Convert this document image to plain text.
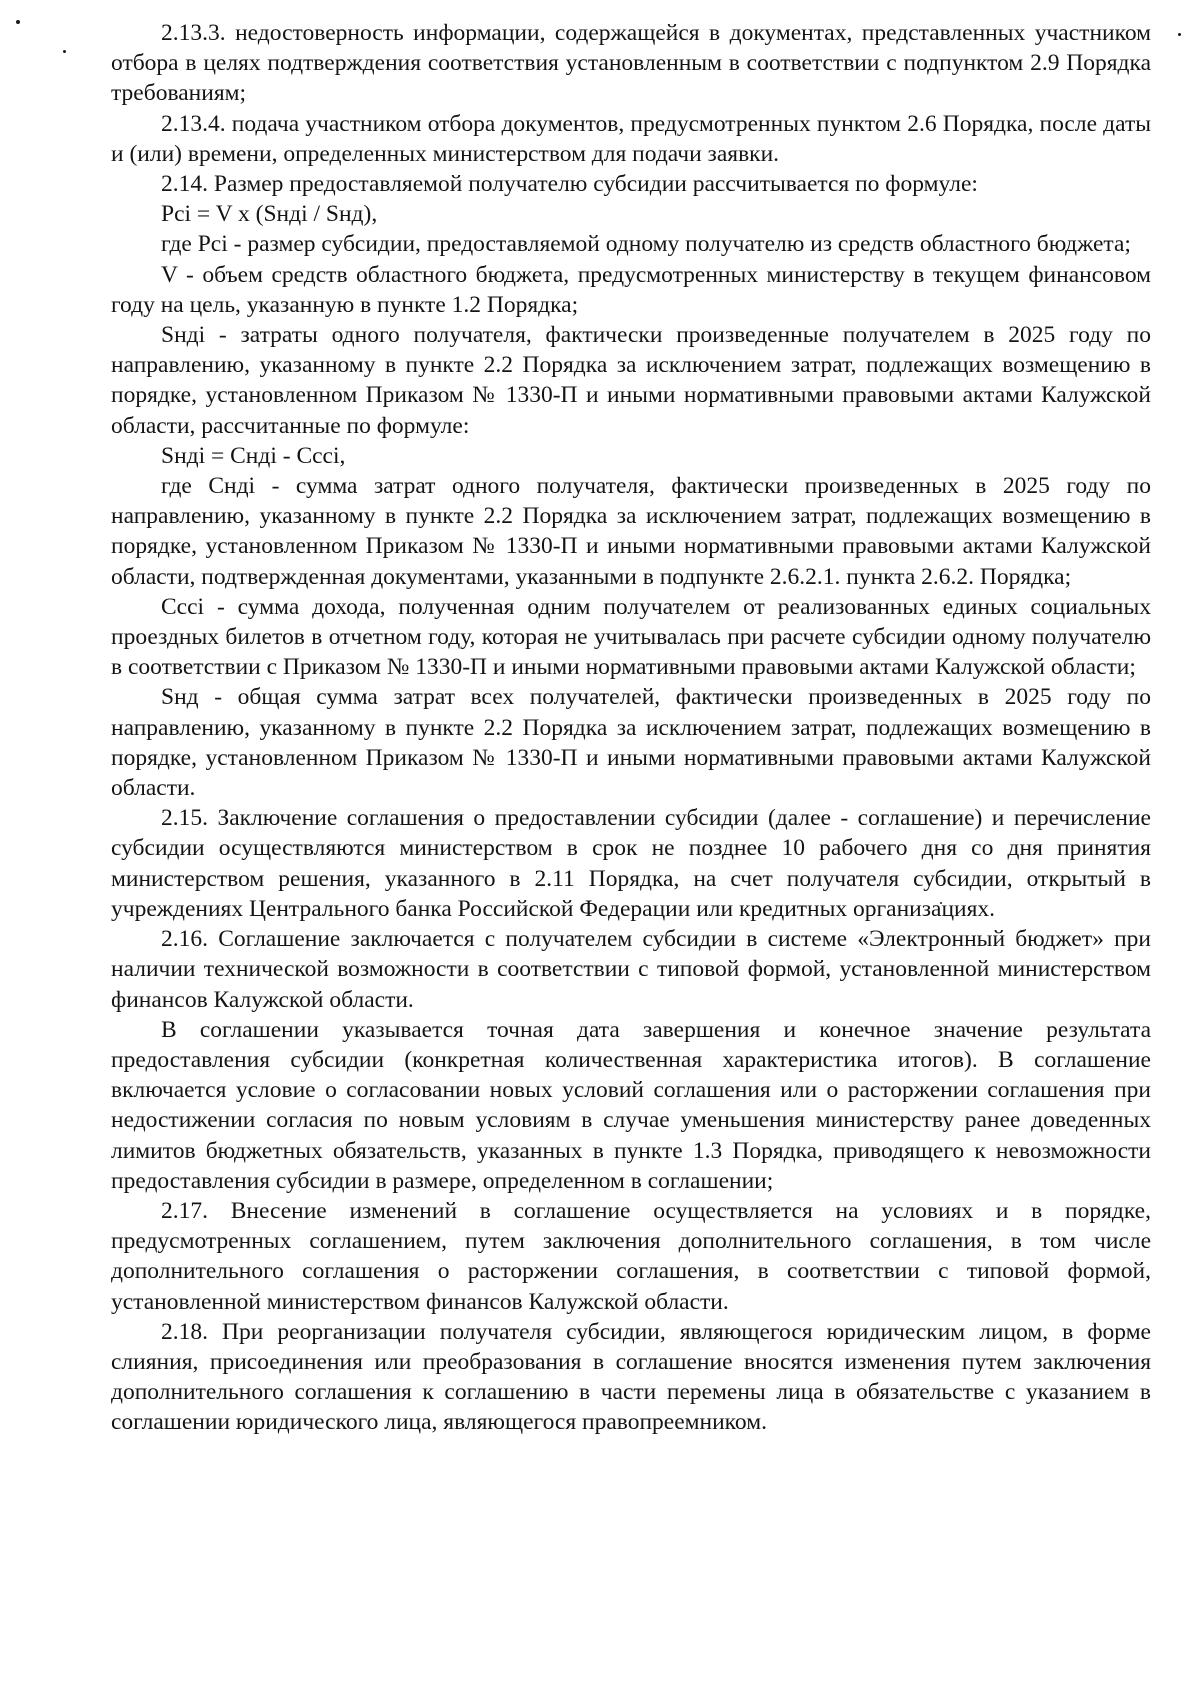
2.13.3. недостоверность информации, содержащейся в документах, представленных участником отбора в целях подтверждения соответствия установленным в соответствии с подпунктом 2.9 Порядка требованиям;

2.13.4. подача участником отбора документов, предусмотренных пунктом 2.6 Порядка, после даты и (или) времени, определенных министерством для подачи заявки.

2.14. Размер предоставляемой получателю субсидии рассчитывается по формуле:

Pci = V x (Sндi / Sнд),

где Pci - размер субсидии, предоставляемой одному получателю из средств областного бюджета;

V - объем средств областного бюджета, предусмотренных министерству в текущем финансовом году на цель, указанную в пункте 1.2 Порядка;

Sндi - затраты одного получателя, фактически произведенные получателем в 2025 году по направлению, указанному в пункте 2.2 Порядка за исключением затрат, подлежащих возмещению в порядке, установленном Приказом № 1330-П и иными нормативными правовыми актами Калужской области, рассчитанные по формуле:

Sндi = Cндi - Cccі,

где Cндi - сумма затрат одного получателя, фактически произведенных в 2025 году по направлению, указанному в пункте 2.2 Порядка за исключением затрат, подлежащих возмещению в порядке, установленном Приказом № 1330-П и иными нормативными правовыми актами Калужской области, подтвержденная документами, указанными в подпункте 2.6.2.1. пункта 2.6.2. Порядка;

Cccі - сумма дохода, полученная одним получателем от реализованных единых социальных проездных билетов в отчетном году, которая не учитывалась при расчете субсидии одному получателю в соответствии с Приказом № 1330-П и иными нормативными правовыми актами Калужской области;

Sнд - общая сумма затрат всех получателей, фактически произведенных в 2025 году по направлению, указанному в пункте 2.2 Порядка за исключением затрат, подлежащих возмещению в порядке, установленном Приказом № 1330-П и иными нормативными правовыми актами Калужской области.

2.15. Заключение соглашения о предоставлении субсидии (далее - соглашение) и перечисление субсидии осуществляются министерством в срок не позднее 10 рабочего дня со дня принятия министерством решения, указанного в 2.11 Порядка, на счет получателя субсидии, открытый в учреждениях Центрального банка Российской Федерации или кредитных организациях.

2.16. Соглашение заключается с получателем субсидии в системе «Электронный бюджет» при наличии технической возможности в соответствии с типовой формой, установленной министерством финансов Калужской области.

В соглашении указывается точная дата завершения и конечное значение результата предоставления субсидии (конкретная количественная характеристика итогов). В соглашение включается условие о согласовании новых условий соглашения или о расторжении соглашения при недостижении согласия по новым условиям в случае уменьшения министерству ранее доведенных лимитов бюджетных обязательств, указанных в пункте 1.3 Порядка, приводящего к невозможности предоставления субсидии в размере, определенном в соглашении;

2.17. Внесение изменений в соглашение осуществляется на условиях и в порядке, предусмотренных соглашением, путем заключения дополнительного соглашения, в том числе дополнительного соглашения о расторжении соглашения, в соответствии с типовой формой, установленной министерством финансов Калужской области.

2.18. При реорганизации получателя субсидии, являющегося юридическим лицом, в форме слияния, присоединения или преобразования в соглашение вносятся изменения путем заключения дополнительного соглашения к соглашению в части перемены лица в обязательстве с указанием в соглашении юридического лица, являющегося правопреемником.
